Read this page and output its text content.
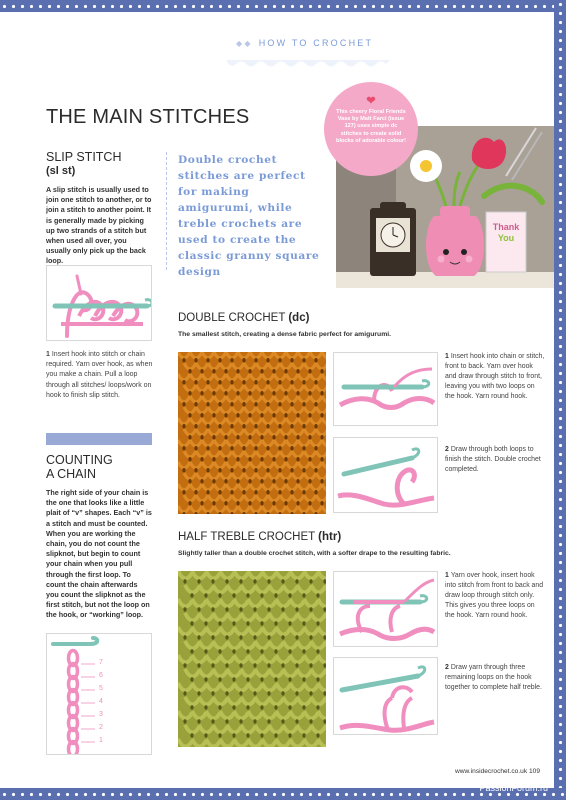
◆◆ HOW TO CROCHET
THE MAIN STITCHES
SLIP STITCH
(sl st)

A slip stitch is usually used to join one stitch to another, or to join a stitch to another point. It is generally made by picking up two strands of a stitch but when used all over, you usually only pick up the back loop.

1 Insert hook into stitch or chain required. Yarn over hook, as when you make a chain. Pull a loop through all stitches/ loops/work on hook to finish slip stitch.

COUNTING
A CHAIN

The right side of your chain is the one that looks like a little plait of “v” shapes. Each “v” is a stitch and must be counted. When you are working the chain, you do not count the slipknot, but begin to count your chain when you pull through the first loop. To count the chain afterwards you count the slipknot as the first stitch, but not the loop on the hook, or “working” loop.

7
6
5
4
3
2
1
Double crochet stitches are perfect for making amigurumi, while treble crochets are used to create the classic granny square design
Thank
You
❤
This cheery Floral Friends Vase by Matt Farci (issue 127) uses simple dc stitches to create solid blocks of adorable colour!
DOUBLE CROCHET (dc)
The smallest stitch, creating a dense fabric perfect for amigurumi.

1 Insert hook into chain or stitch, front to back. Yarn over hook and draw through stitch to front, leaving you with two loops on the hook. Yarn round hook.

2 Draw through both loops to finish the stitch. Double crochet completed.

HALF TREBLE CROCHET (htr)
Slightly taller than a double crochet stitch, with a softer drape to the resulting fabric.

1 Yarn over hook, insert hook into stitch from front to back and draw loop through stitch only. This gives you three loops on the hook. Yarn round hook.

2 Draw yarn through three remaining loops on the hook together to complete half treble.

www.insidecrochet.co.uk 109
PassionForum.ru
